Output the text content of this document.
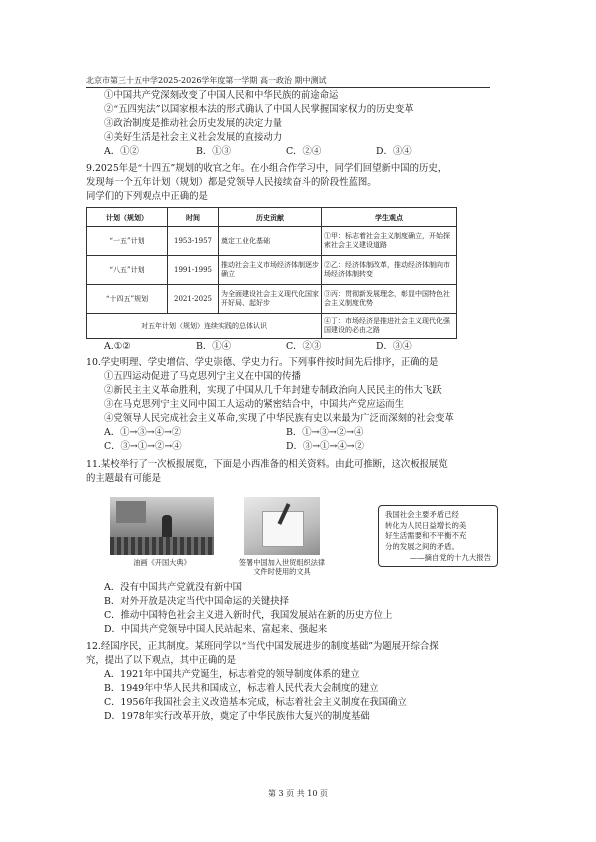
北京市第三十五中学2025-2026学年度第一学期 高一政治 期中测试
①中国共产党深刻改变了中国人民和中华民族的前途命运
②“五四宪法”以国家根本法的形式确认了中国人民掌握国家权力的历史变革
③政治制度是推动社会历史发展的决定力量
④美好生活是社会主义社会发展的直接动力
A．①②	B．①③	C．②④	D．③④
9.2025年是“十四五”规划的收官之年。在小组合作学习中，同学们回望新中国的历史，
发现每一个五年计划（规划）都是党领导人民接续奋斗的阶段性蓝图。
同学们的下列观点中正确的是
计划（规划）	时间	历史贡献	学生观点
“一五”计划	1953-1957	奠定工业化基础	①甲：标志着社会主义制度确立，开始探索社会主义建设道路
“八五”计划	1991-1995	推动社会主义市场经济体制逐步确立	②乙：经济体制改革，推动经济体制向市场经济体制转变
“十四五”规划	2021-2025	为全面建设社会主义现代化国家开好局、起好步	③丙：贯彻新发展理念，彰显中国特色社会主义制度优势
对五年计划（规划）连续实践的总体认识			④丁：市场经济是推进社会主义现代化强国建设的必由之路
A.①②	B．①④	C．②③	D．③④
10.学史明理、学史增信、学史崇德、学史力行。下列事件按时间先后排序，正确的是
①五四运动促进了马克思列宁主义在中国的传播
②新民主主义革命胜利，实现了中国从几千年封建专制政治向人民民主的伟大飞跃
③在马克思列宁主义同中国工人运动的紧密结合中，中国共产党应运而生
④党领导人民完成社会主义革命,实现了中华民族有史以来最为广泛而深刻的社会变革
A．①→③→④→②	B．①→③→②→④
C．③→①→②→④	D．③→①→④→②
11.某校举行了一次板报展览，下面是小西准备的相关资料。由此可推断，这次板报展览
的主题最有可能是
油画《开国大典》	签署中国加入世贸组织法律
文件时使用的文具
我国社会主要矛盾已经
转化为人民日益增长的美
好生活需要和不平衡不充
分的发展之间的矛盾。
——摘自党的十九大报告
A．没有中国共产党就没有新中国
B．对外开放是决定当代中国命运的关键抉择
C．推动中国特色社会主义进入新时代，我国发展站在新的历史方位上
D．中国共产党领导中国人民站起来、富起来、强起来
12.经国序民，正其制度。某班同学以“当代中国发展进步的制度基础”为题展开综合探
究，提出了以下观点，其中正确的是
A．1921年中国共产党诞生，标志着党的领导制度体系的建立
B．1949年中华人民共和国成立，标志着人民代表大会制度的建立
C．1956年我国社会主义改造基本完成，标志着社会主义制度在我国确立
D．1978年实行改革开放，奠定了中华民族伟大复兴的制度基础
第 3 页 共 10 页
